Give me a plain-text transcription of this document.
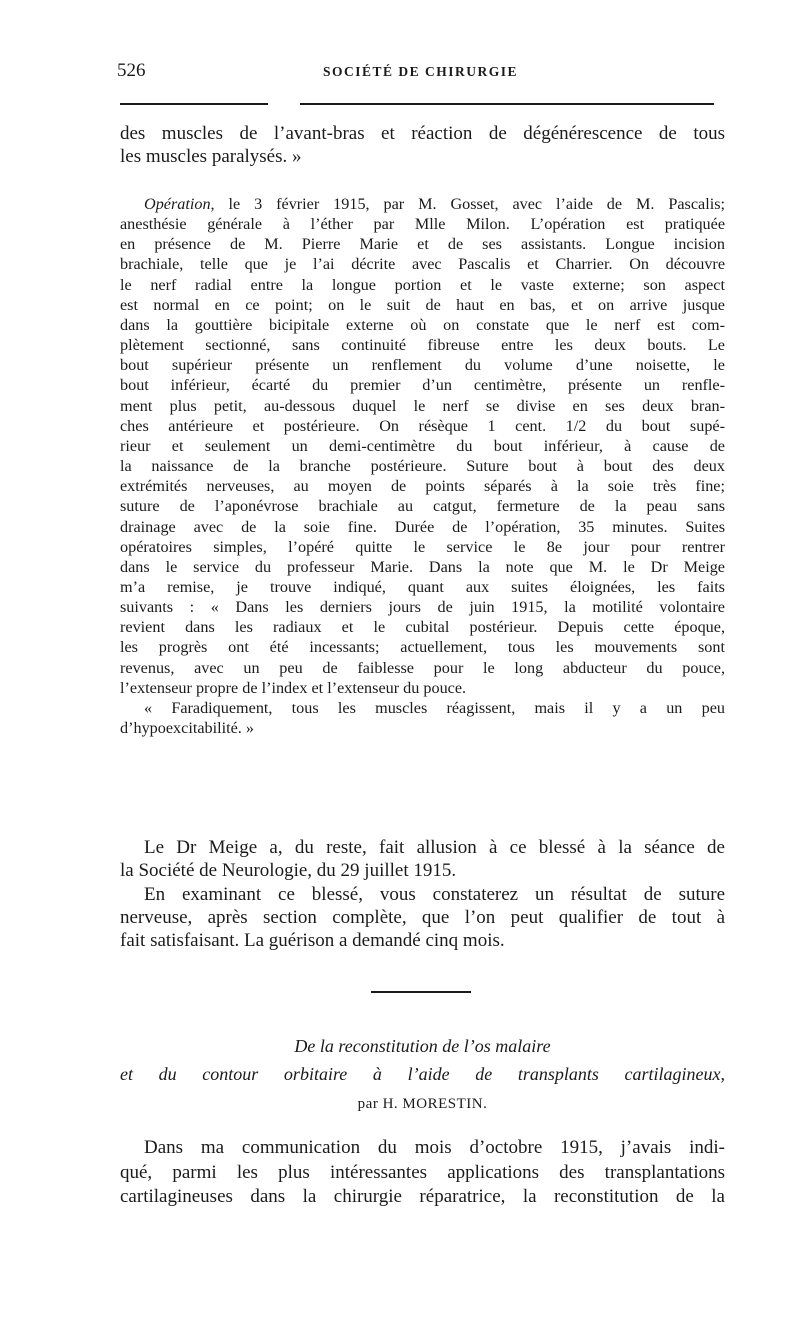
526	SOCIÉTÉ DE CHIRURGIE
des muscles de l’avant-bras et réaction de dégénérescence de tous
les muscles paralysés. »
Opération, le 3 février 1915, par M. Gosset, avec l’aide de M. Pascalis;
anesthésie générale à l’éther par Mlle Milon. L’opération est pratiquée
en présence de M. Pierre Marie et de ses assistants. Longue incision
brachiale, telle que je l’ai décrite avec Pascalis et Charrier. On découvre
le nerf radial entre la longue portion et le vaste externe; son aspect
est normal en ce point; on le suit de haut en bas, et on arrive jusque
dans la gouttière bicipitale externe où on constate que le nerf est com-
plètement sectionné, sans continuité fibreuse entre les deux bouts. Le
bout supérieur présente un renflement du volume d’une noisette, le
bout inférieur, écarté du premier d’un centimètre, présente un renfle-
ment plus petit, au-dessous duquel le nerf se divise en ses deux bran-
ches antérieure et postérieure. On résèque 1 cent. 1/2 du bout supé-
rieur et seulement un demi-centimètre du bout inférieur, à cause de
la naissance de la branche postérieure. Suture bout à bout des deux
extrémités nerveuses, au moyen de points séparés à la soie très fine;
suture de l’aponévrose brachiale au catgut, fermeture de la peau sans
drainage avec de la soie fine. Durée de l’opération, 35 minutes. Suites
opératoires simples, l’opéré quitte le service le 8e jour pour rentrer
dans le service du professeur Marie. Dans la note que M. le Dr Meige
m’a remise, je trouve indiqué, quant aux suites éloignées, les faits
suivants : « Dans les derniers jours de juin 1915, la motilité volontaire
revient dans les radiaux et le cubital postérieur. Depuis cette époque,
les progrès ont été incessants; actuellement, tous les mouvements sont
revenus, avec un peu de faiblesse pour le long abducteur du pouce,
l’extenseur propre de l’index et l’extenseur du pouce.
« Faradiquement, tous les muscles réagissent, mais il y a un peu
d’hypoexcitabilité. »
Le Dr Meige a, du reste, fait allusion à ce blessé à la séance de
la Société de Neurologie, du 29 juillet 1915.
En examinant ce blessé, vous constaterez un résultat de suture
nerveuse, après section complète, que l’on peut qualifier de tout à
fait satisfaisant. La guérison a demandé cinq mois.
De la reconstitution de l’os malaire
et du contour orbitaire à l’aide de transplants cartilagineux,
par H. MORESTIN.
Dans ma communication du mois d’octobre 1915, j’avais indi-
qué, parmi les plus intéressantes applications des transplantations
cartilagineuses dans la chirurgie réparatrice, la reconstitution de la
